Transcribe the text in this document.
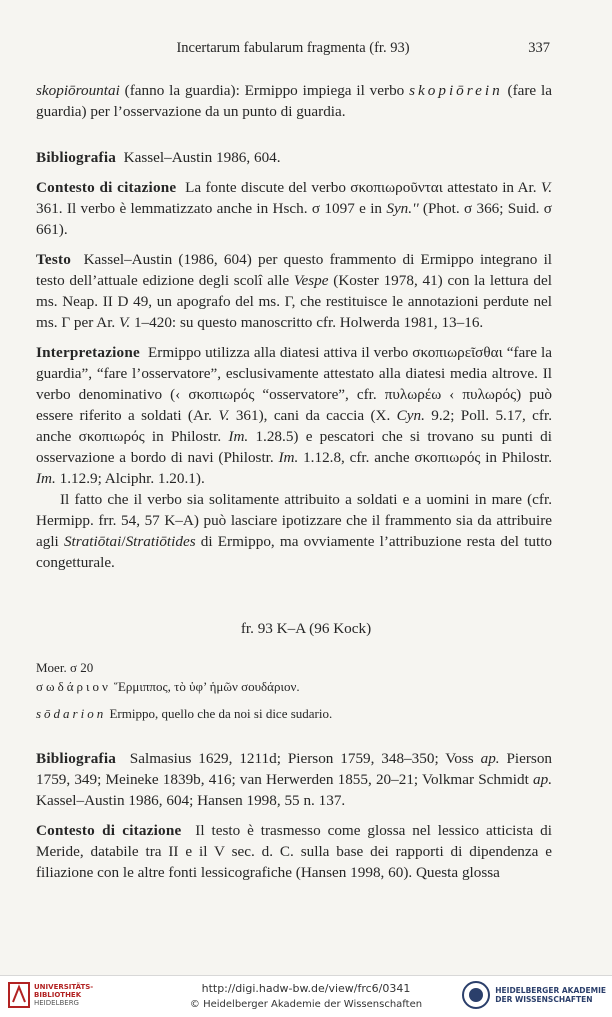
Incertarum fabularum fragmenta (fr. 93)	337

skopiōrountai (fanno la guardia): Ermippo impiega il verbo skopiōrein (fare la guardia) per l’osservazione da un punto di guardia.

Bibliografia Kassel–Austin 1986, 604.

Contesto di citazione La fonte discute del verbo σκοπιωροῦνται attestato in Ar. V. 361. Il verbo è lemmatizzato anche in Hsch. σ 1097 e in Syn.'' (Phot. σ 366; Suid. σ 661).

Testo Kassel–Austin (1986, 604) per questo frammento di Ermippo integrano il testo dell’attuale edizione degli scolî alle Vespe (Koster 1978, 41) con la lettura del ms. Neap. II D 49, un apografo del ms. Γ, che restituisce le annotazioni perdute nel ms. Γ per Ar. V. 1–420: su questo manoscritto cfr. Holwerda 1981, 13–16.

Interpretazione Ermippo utilizza alla diatesi attiva il verbo σκοπιωρεῖσθαι “fare la guardia”, “fare l’osservatore”, esclusivamente attestato alla diatesi media altrove. Il verbo denominativo (‹ σκοπιωρός “osservatore”, cfr. πυλωρέω ‹ πυλωρός) può essere riferito a soldati (Ar. V. 361), cani da caccia (X. Cyn. 9.2; Poll. 5.17, cfr. anche σκοπιωρός in Philostr. Im. 1.28.5) e pescatori che si trovano su punti di osservazione a bordo di navi (Philostr. Im. 1.12.8, cfr. anche σκοπιωρός in Philostr. Im. 1.12.9; Alciphr. 1.20.1).

Il fatto che il verbo sia solitamente attribuito a soldati e a uomini in mare (cfr. Hermipp. frr. 54, 57 K–A) può lasciare ipotizzare che il frammento sia da attribuire agli Stratiōtai/Stratiōtides di Ermippo, ma ovviamente l’attribuzione resta del tutto congetturale.

fr. 93 K–A (96 Kock)

Moer. σ 20

σωδάριον Ἕρμιππος, τὸ ὑφ’ ἡμῶν σουδάριον.

sōdarion Ermippo, quello che da noi si dice sudario.

Bibliografia Salmasius 1629, 1211d; Pierson 1759, 348–350; Voss ap. Pierson 1759, 349; Meineke 1839b, 416; van Herwerden 1855, 20–21; Volkmar Schmidt ap. Kassel–Austin 1986, 604; Hansen 1998, 55 n. 137.

Contesto di citazione Il testo è trasmesso come glossa nel lessico atticista di Meride, databile tra II e il V sec. d. C. sulla base dei rapporti di dipendenza e filiazione con le altre fonti lessicografiche (Hansen 1998, 60). Questa glossa

UNIVERSITÄTS-
BIBLIOTHEK
HEIDELBERG
http://digi.hadw-bw.de/view/frc6/0341
© Heidelberger Akademie der Wissenschaften
HEIDELBERGER AKADEMIE
DER WISSENSCHAFTEN
